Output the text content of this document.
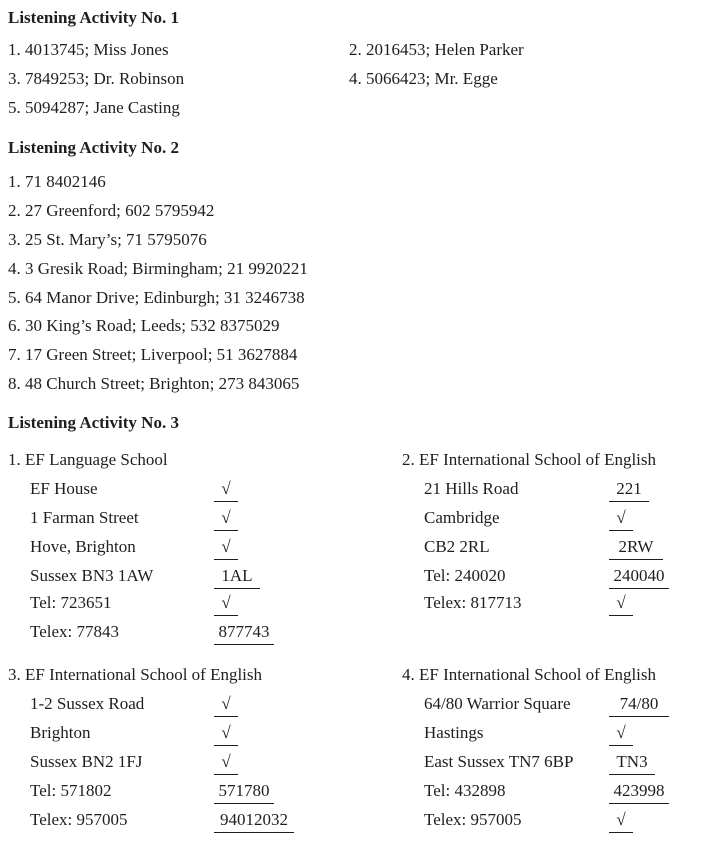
Listening Activity No. 1
1. 4013745; Miss Jones	2. 2016453; Helen Parker
3. 7849253; Dr. Robinson	4. 5066423; Mr. Egge
5. 5094287; Jane Casting
Listening Activity No. 2
1. 71 8402146
2. 27 Greenford; 602 5795942
3. 25 St. Mary’s; 71 5795076
4. 3 Gresik Road; Birmingham; 21 9920221
5. 64 Manor Drive; Edinburgh; 31 3246738
6. 30 King’s Road; Leeds; 532 8375029
7. 17 Green Street; Liverpool; 51 3627884
8. 48 Church Street; Brighton; 273 843065
Listening Activity No. 3
1. EF Language School
EF House	√
1 Farman Street	√
Hove, Brighton	√
Sussex BN3 1AW	1AL
Tel: 723651	√
Telex: 77843	877743
2. EF International School of English
21 Hills Road	221
Cambridge	√
CB2 2RL	2RW
Tel: 240020	240040
Telex: 817713	√
3. EF International School of English
1-2 Sussex Road	√
Brighton	√
Sussex BN2 1FJ	√
Tel: 571802	571780
Telex: 957005	94012032
4. EF International School of English
64/80 Warrior Square	74/80
Hastings	√
East Sussex TN7 6BP	TN3
Tel: 432898	423998
Telex: 957005	√
